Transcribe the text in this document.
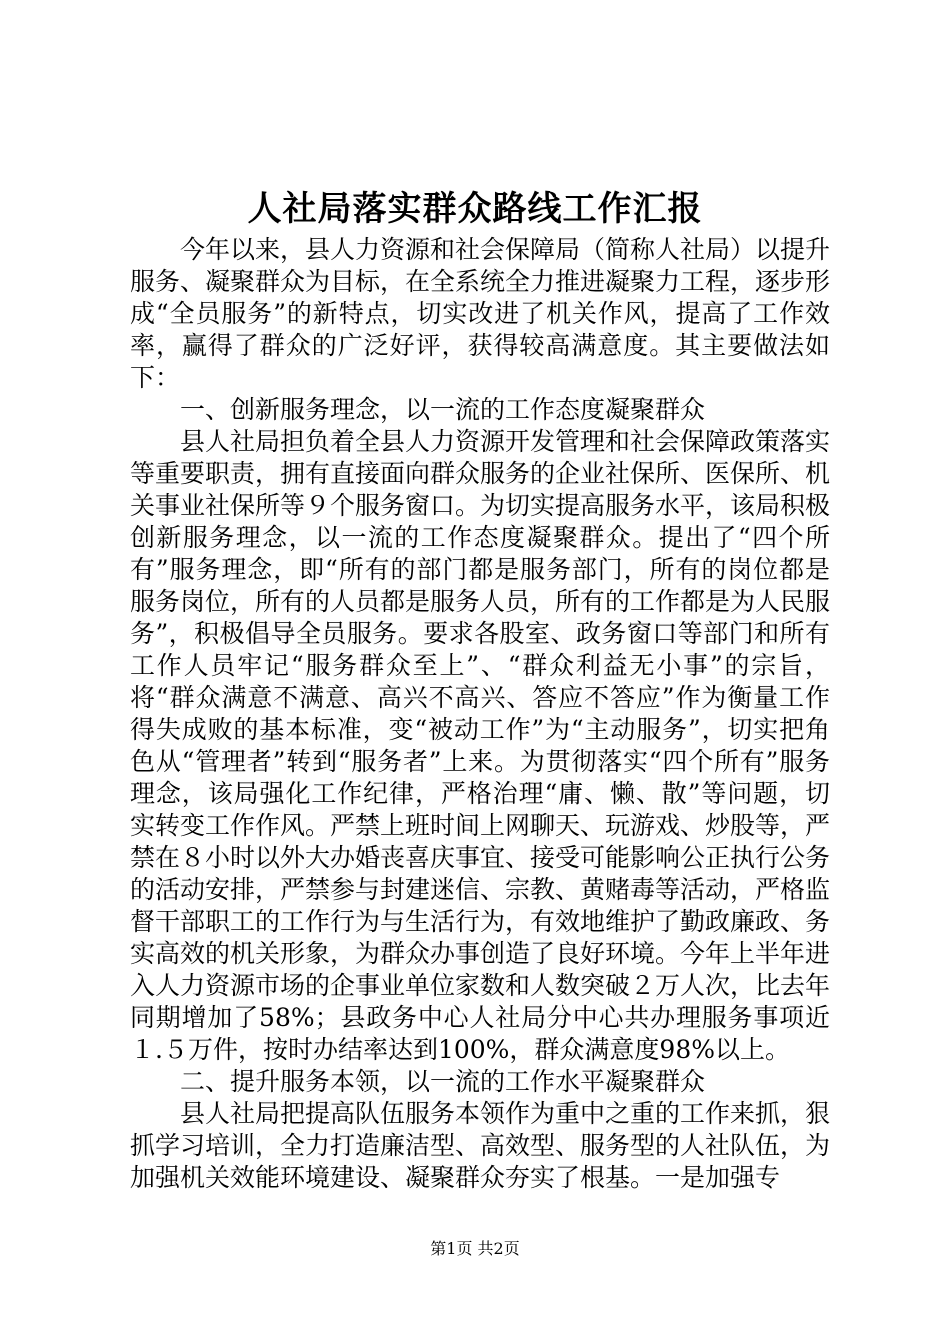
人社局落实群众路线工作汇报

今年以来，县人力资源和社会保障局（简称人社局）以提升服务、凝聚群众为目标，在全系统全力推进凝聚力工程，逐步形成“全员服务”的新特点，切实改进了机关作风，提高了工作效率，赢得了群众的广泛好评，获得较高满意度。其主要做法如下：

一、创新服务理念，以一流的工作态度凝聚群众

县人社局担负着全县人力资源开发管理和社会保障政策落实等重要职责，拥有直接面向群众服务的企业社保所、医保所、机关事业社保所等９个服务窗口。为切实提高服务水平，该局积极创新服务理念，以一流的工作态度凝聚群众。提出了“四个所有”服务理念，即“所有的部门都是服务部门，所有的岗位都是服务岗位，所有的人员都是服务人员，所有的工作都是为人民服务”，积极倡导全员服务。要求各股室、政务窗口等部门和所有工作人员牢记“服务群众至上”、“群众利益无小事”的宗旨，将“群众满意不满意、高兴不高兴、答应不答应”作为衡量工作得失成败的基本标准，变“被动工作”为“主动服务”，切实把角色从“管理者”转到“服务者”上来。为贯彻落实“四个所有”服务理念，该局强化工作纪律，严格治理“庸、懒、散”等问题，切实转变工作作风。严禁上班时间上网聊天、玩游戏、炒股等，严禁在８小时以外大办婚丧喜庆事宜、接受可能影响公正执行公务的活动安排，严禁参与封建迷信、宗教、黄赌毒等活动，严格监督干部职工的工作行为与生活行为，有效地维护了勤政廉政、务实高效的机关形象，为群众办事创造了良好环境。今年上半年进入人力资源市场的企事业单位家数和人数突破２万人次，比去年同期增加了58%；县政务中心人社局分中心共办理服务事项近１.５万件，按时办结率达到100%，群众满意度98%以上。

二、提升服务本领，以一流的工作水平凝聚群众

县人社局把提高队伍服务本领作为重中之重的工作来抓，狠抓学习培训，全力打造廉洁型、高效型、服务型的人社队伍，为加强机关效能环境建设、凝聚群众夯实了根基。一是加强专

第1页 共2页
